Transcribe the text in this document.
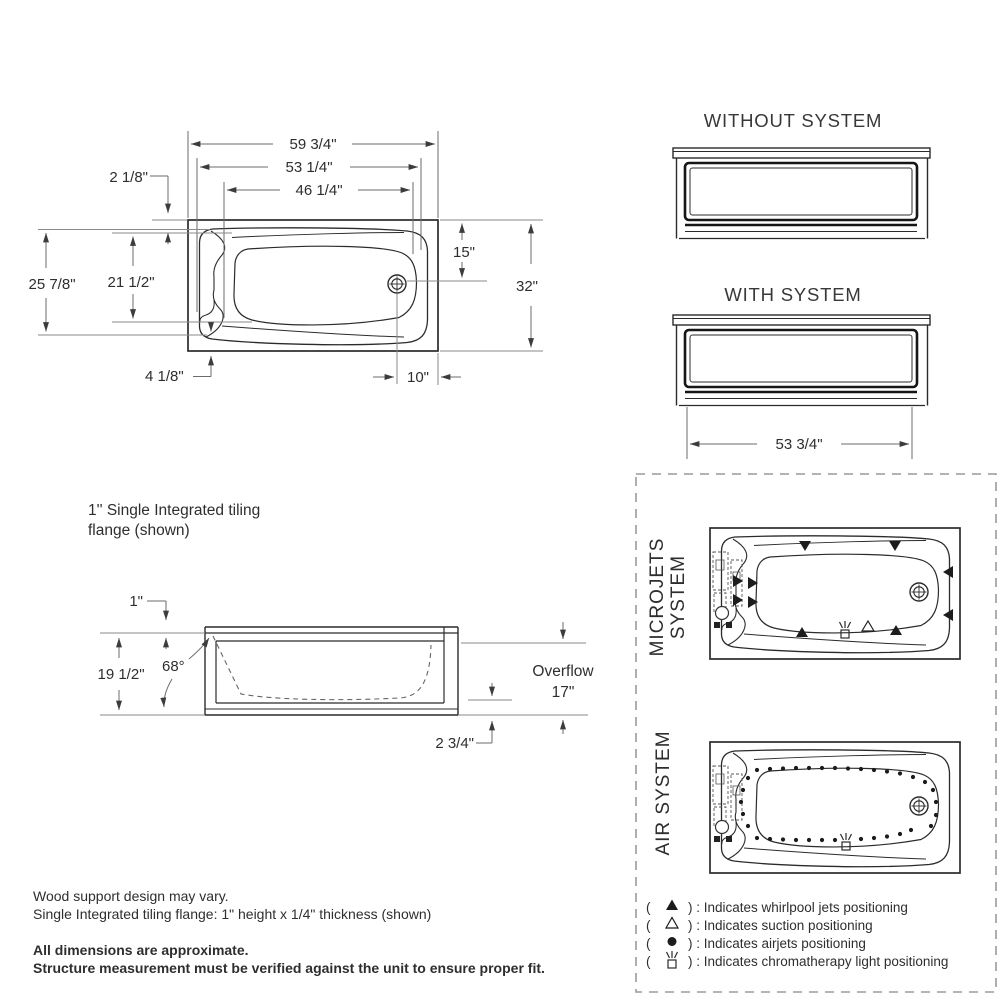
59 3/4"
53 1/4"
46 1/4"
2 1/8"
25 7/8" 21 1/2"
15"
32"
4 1/8"	10"
WITHOUT SYSTEM
WITH SYSTEM
53 3/4"
1'' Single Integrated tiling
flange (shown)
1"
19 1/2" 68°	Overflow
17"
2 3/4"
MICROJETS SYSTEM
AIR SYSTEM
(	) : Indicates whirlpool jets positioning
(	) : Indicates suction positioning
(	) : Indicates airjets positioning
(	) : Indicates chromatherapy light positioning
Wood support design may vary.
Single Integrated tiling flange: 1" height x 1/4" thickness (shown)
All dimensions are approximate.
Structure measurement must be verified against the unit to ensure proper fit.
